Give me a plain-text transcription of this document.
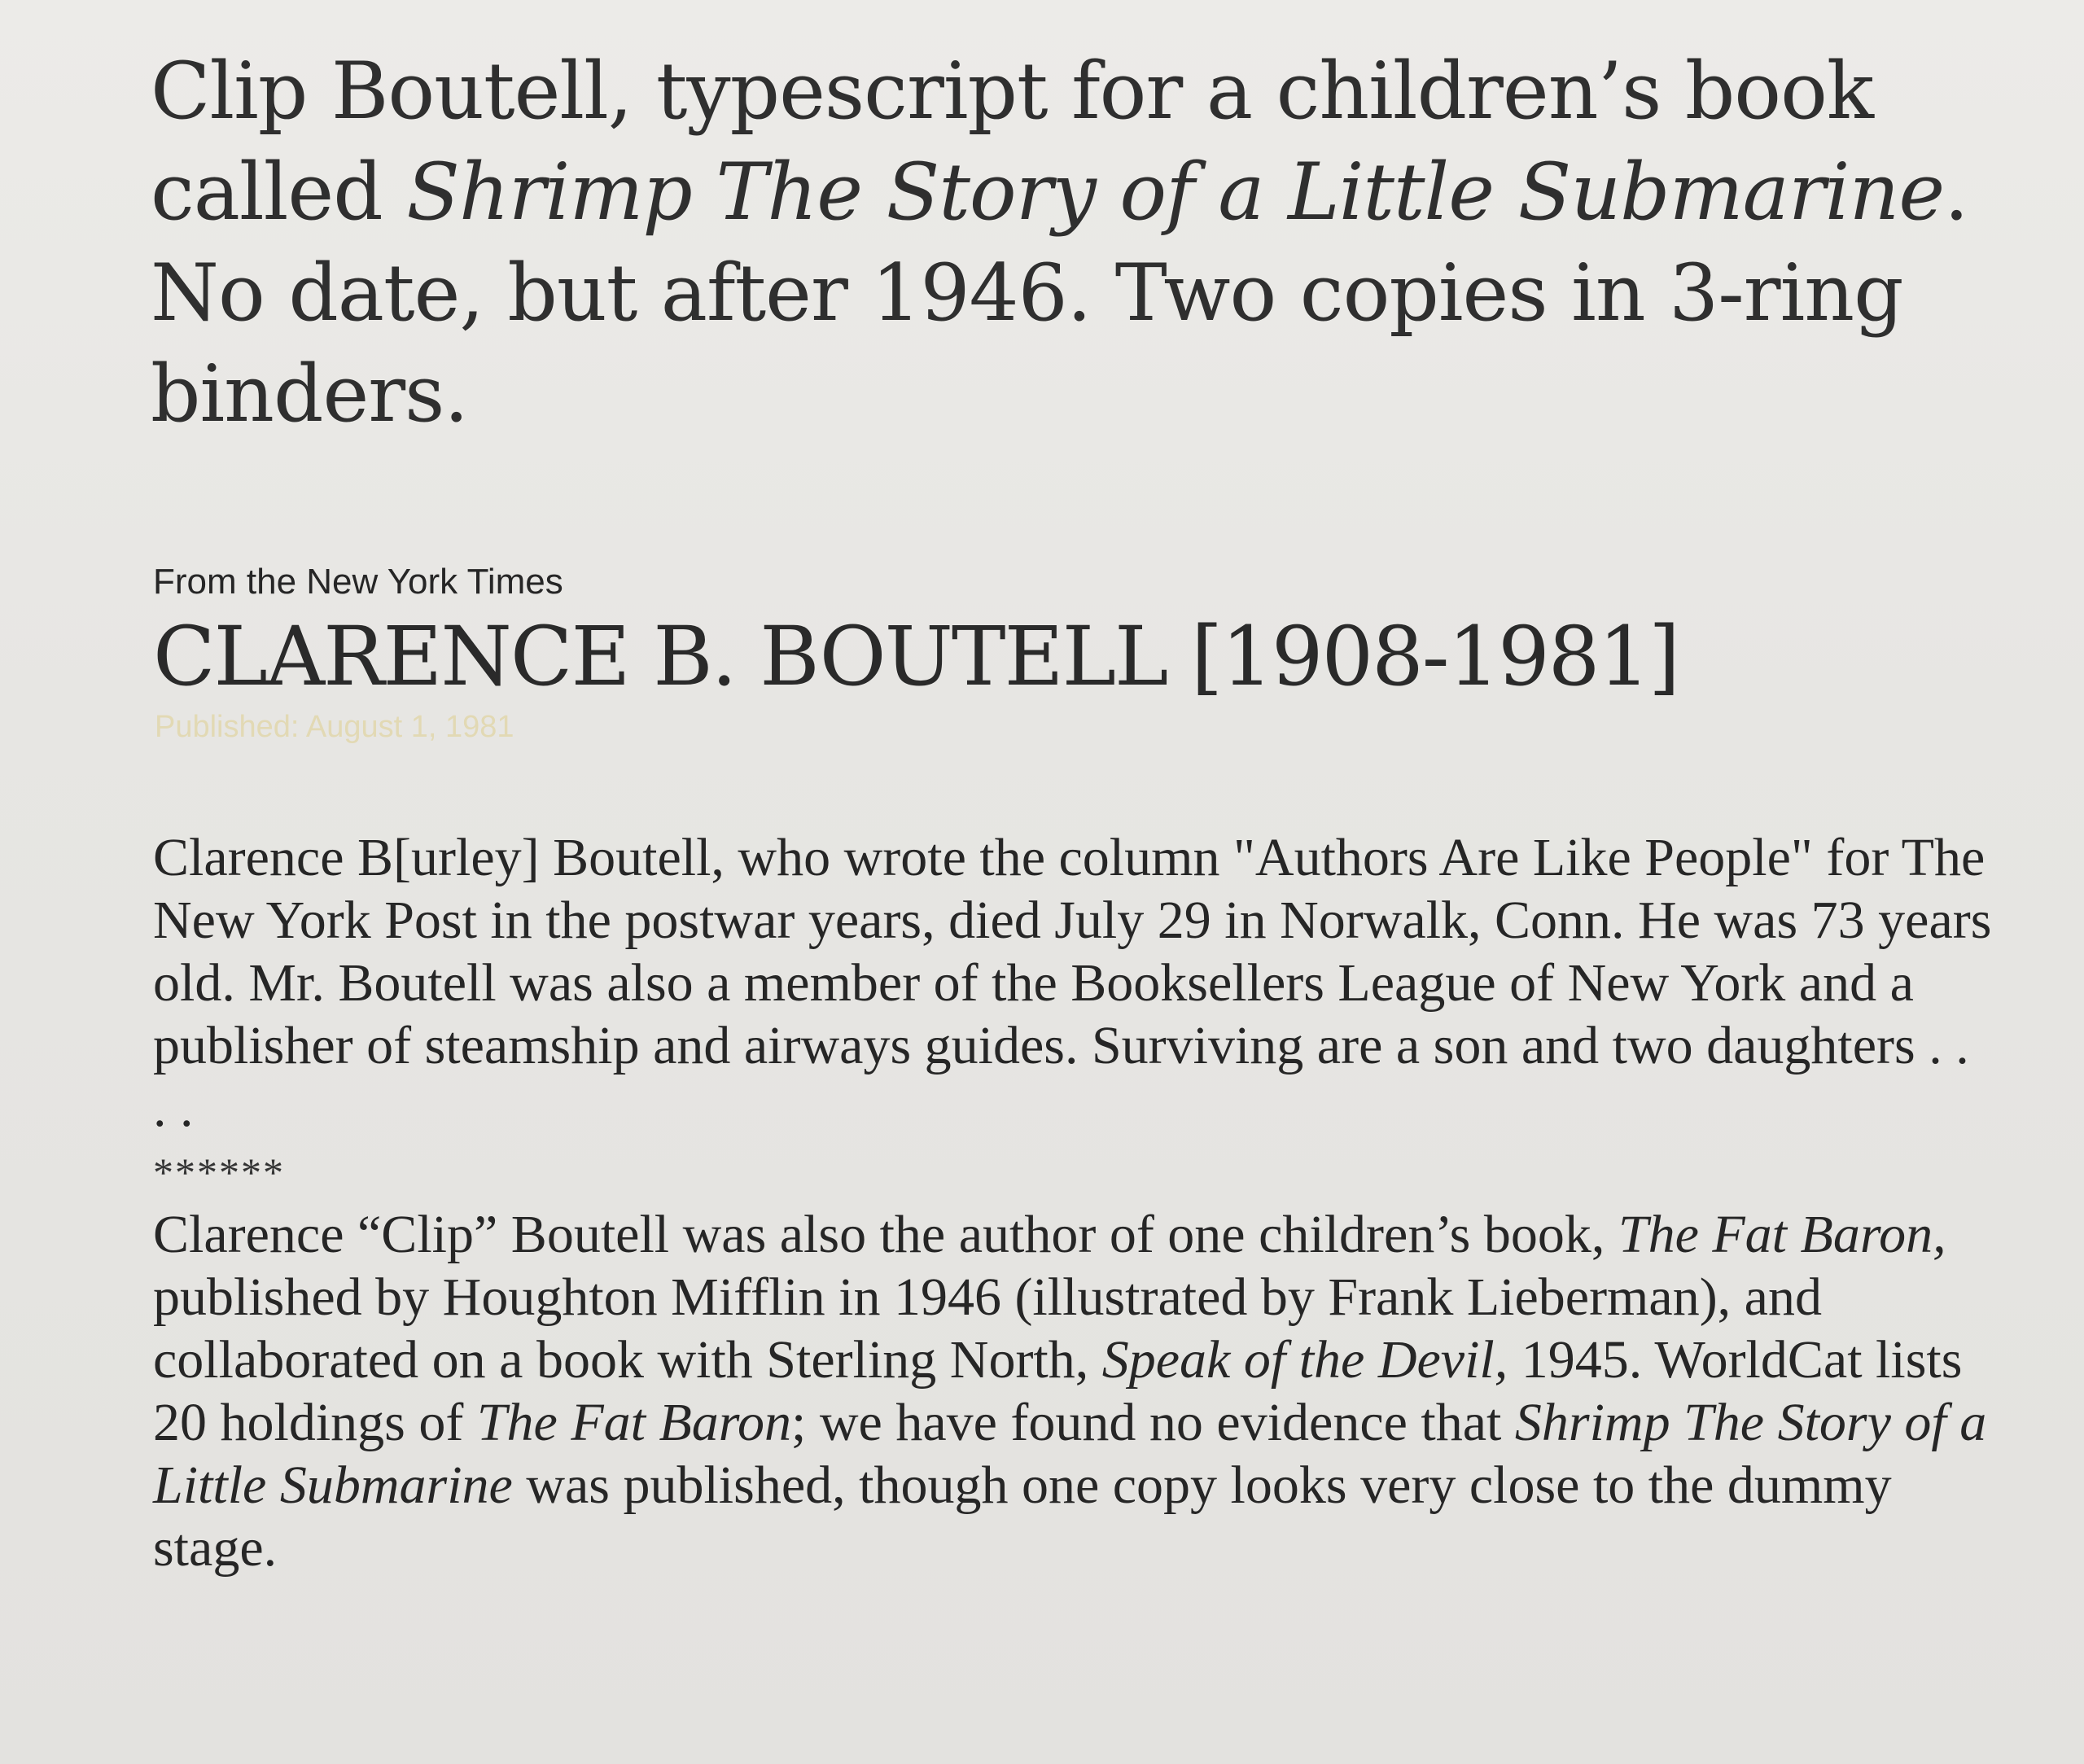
Clip Boutell, typescript for a children’s book called Shrimp The Story of a Little Submarine. No date, but after 1946. Two copies in 3-ring binders.
From the New York Times
CLARENCE B. BOUTELL [1908-1981]
Published: August 1, 1981

Clarence B[urley] Boutell, who wrote the column "Authors Are Like People" for The New York Post in the postwar years, died July 29 in Norwalk, Conn. He was 73 years old. Mr. Boutell was also a member of the Booksellers League of New York and a publisher of steamship and airways guides. Surviving are a son and two daughters . . . .

******

Clarence “Clip” Boutell was also the author of one children’s book, The Fat Baron, published by Houghton Mifflin in 1946 (illustrated by Frank Lieberman), and collaborated on a book with Sterling North, Speak of the Devil, 1945. WorldCat lists 20 holdings of The Fat Baron; we have found no evidence that Shrimp The Story of a Little Submarine was published, though one copy looks very close to the dummy stage.
